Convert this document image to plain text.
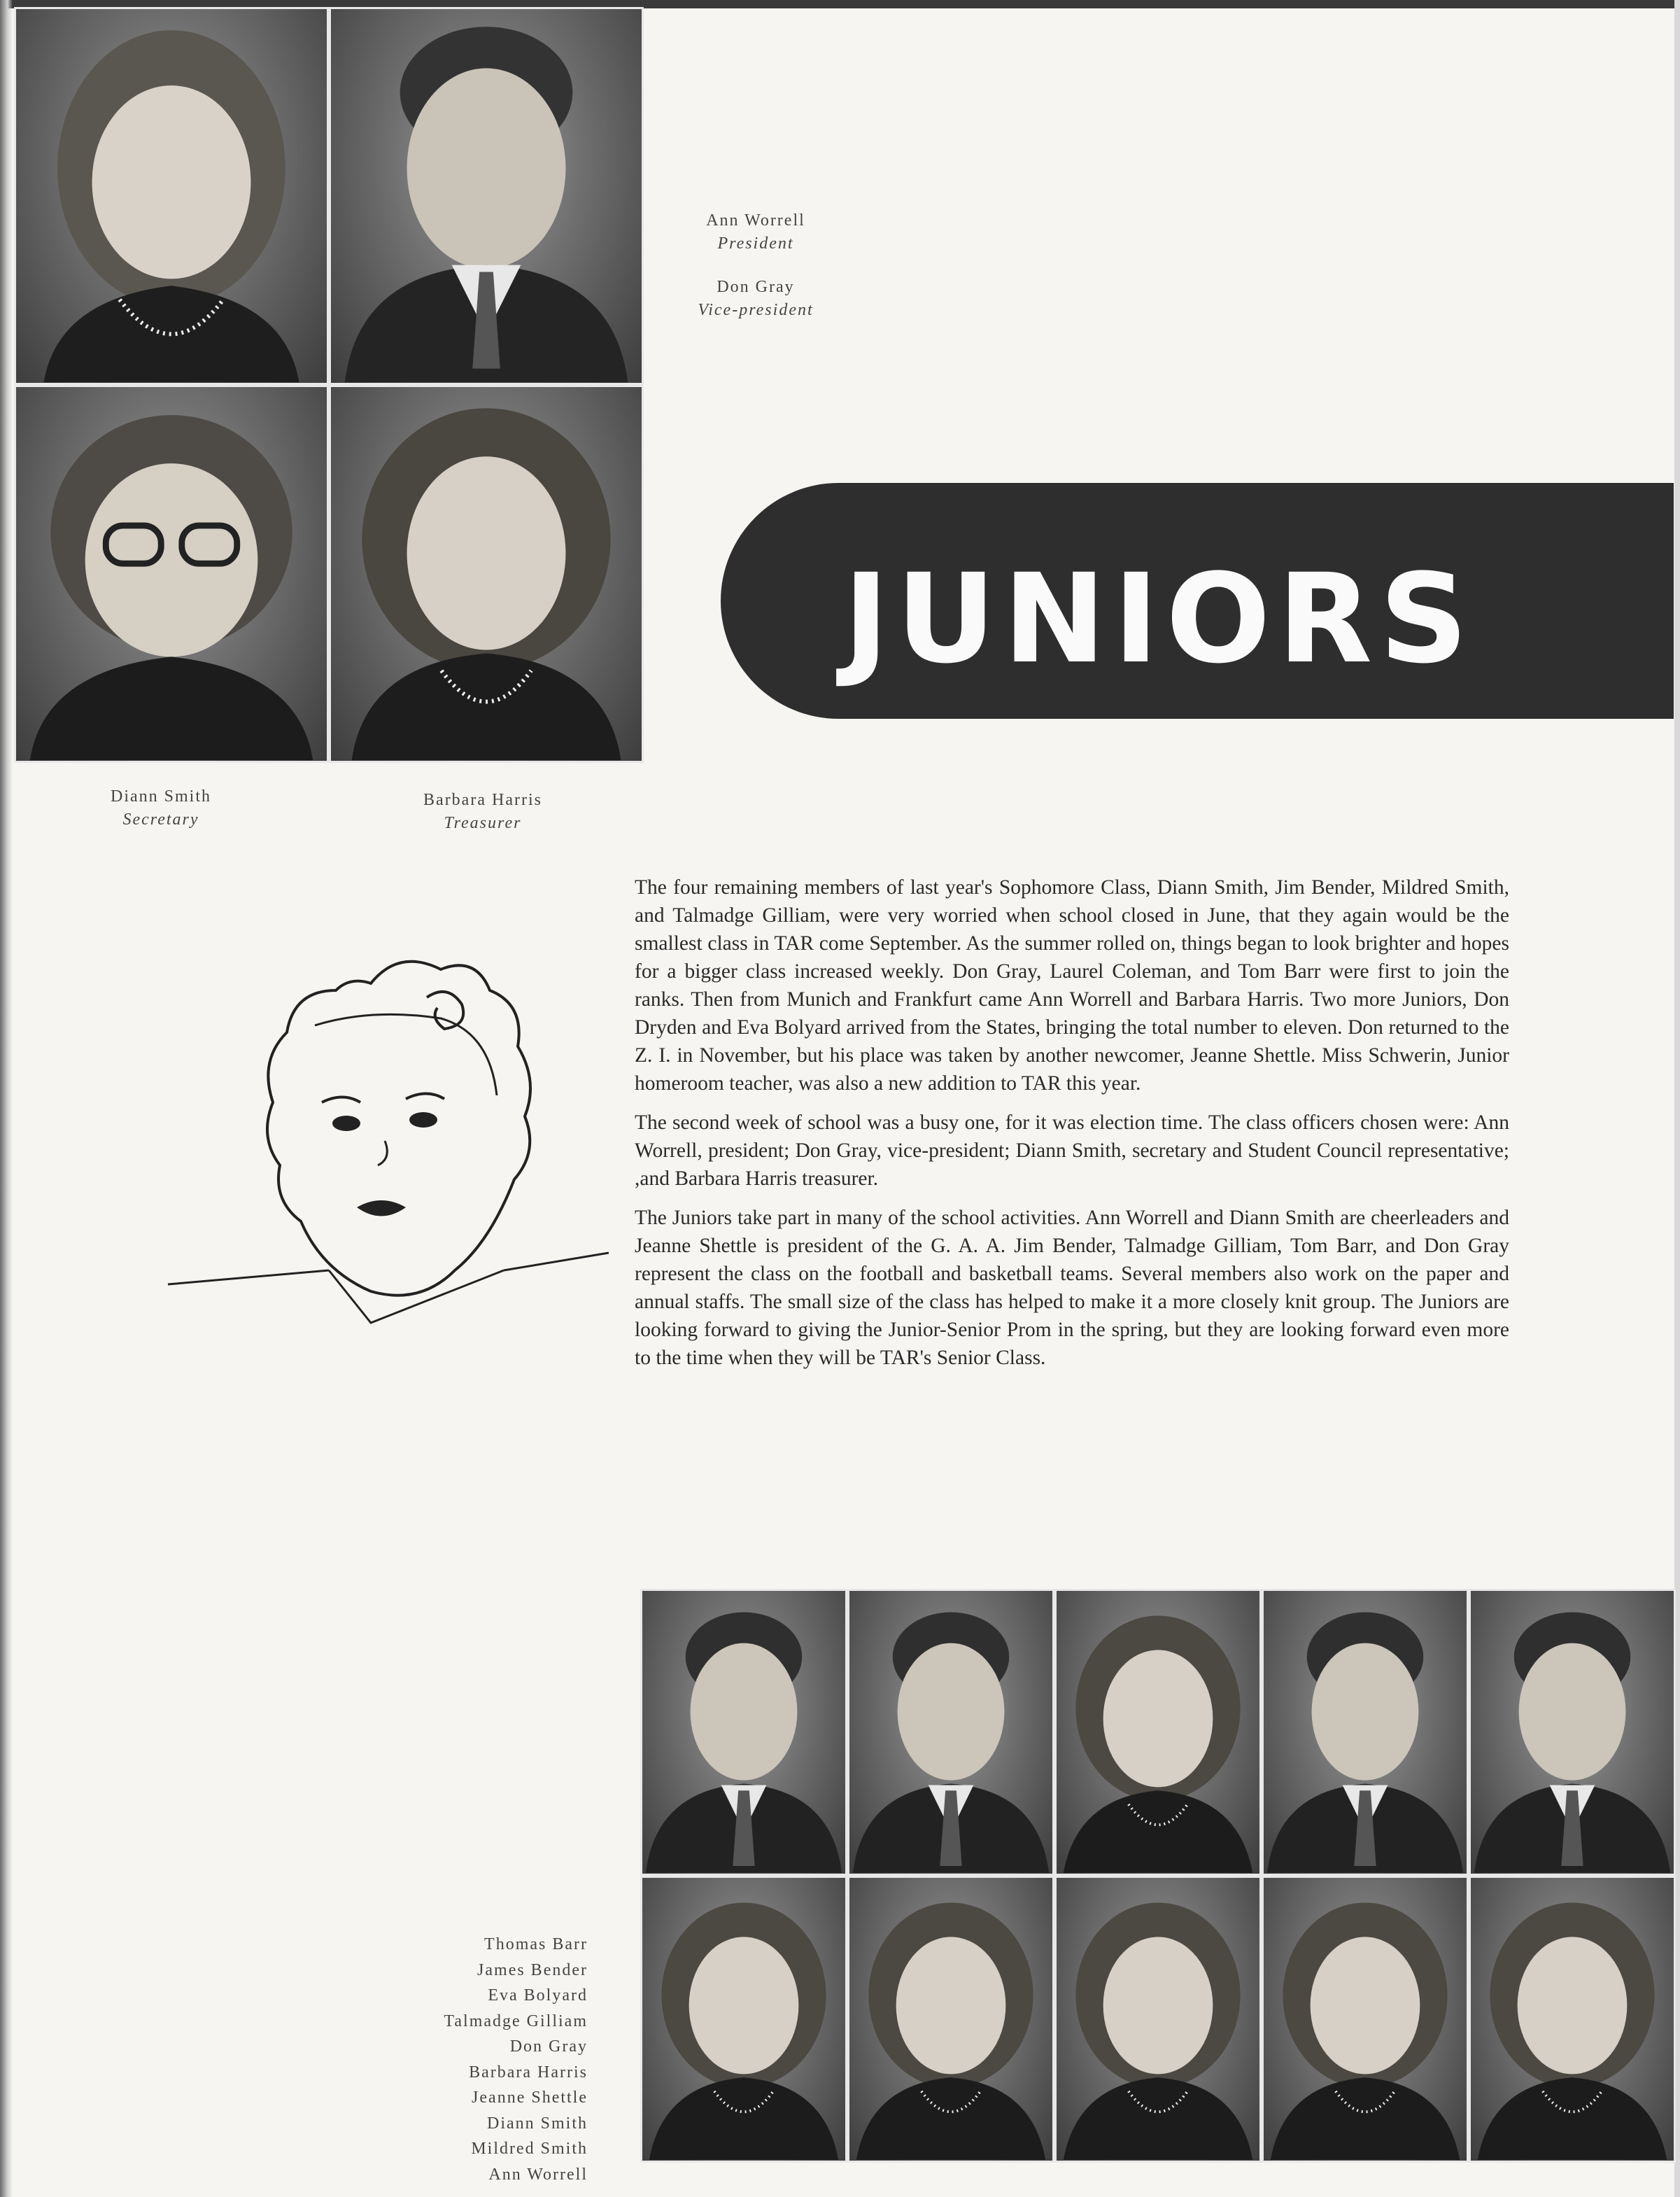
Ann Worrell
President
Don Gray
Vice-president
Diann Smith
Secretary
Barbara Harris
Treasurer
JUNIORS

The four remaining members of last year's Sophomore Class, Diann Smith, Jim Bender, Mildred Smith, and Talmadge Gilliam, were very worried when school closed in June, that they again would be the smallest class in TAR come September. As the summer rolled on, things began to look brighter and hopes for a bigger class increased weekly. Don Gray, Laurel Coleman, and Tom Barr were first to join the ranks. Then from Munich and Frankfurt came Ann Worrell and Barbara Harris. Two more Juniors, Don Dryden and Eva Bolyard arrived from the States, bringing the total number to eleven. Don returned to the Z. I. in November, but his place was taken by another newcomer, Jeanne Shettle. Miss Schwerin, Junior homeroom teacher, was also a new addition to TAR this year.

The second week of school was a busy one, for it was election time. The class officers chosen were: Ann Worrell, president; Don Gray, vice-president; Diann Smith, secretary and Student Council representative; ,and Barbara Harris treasurer.

The Juniors take part in many of the school activities. Ann Worrell and Diann Smith are cheerleaders and Jeanne Shettle is president of the G. A. A. Jim Bender, Talmadge Gilliam, Tom Barr, and Don Gray represent the class on the football and basketball teams. Several members also work on the paper and annual staffs. The small size of the class has helped to make it a more closely knit group. The Juniors are looking forward to giving the Junior-Senior Prom in the spring, but they are looking forward even more to the time when they will be TAR's Senior Class.

Thomas Barr
James Bender
Eva Bolyard
Talmadge Gilliam
Don Gray
Barbara Harris
Jeanne Shettle
Diann Smith
Mildred Smith
Ann Worrell
